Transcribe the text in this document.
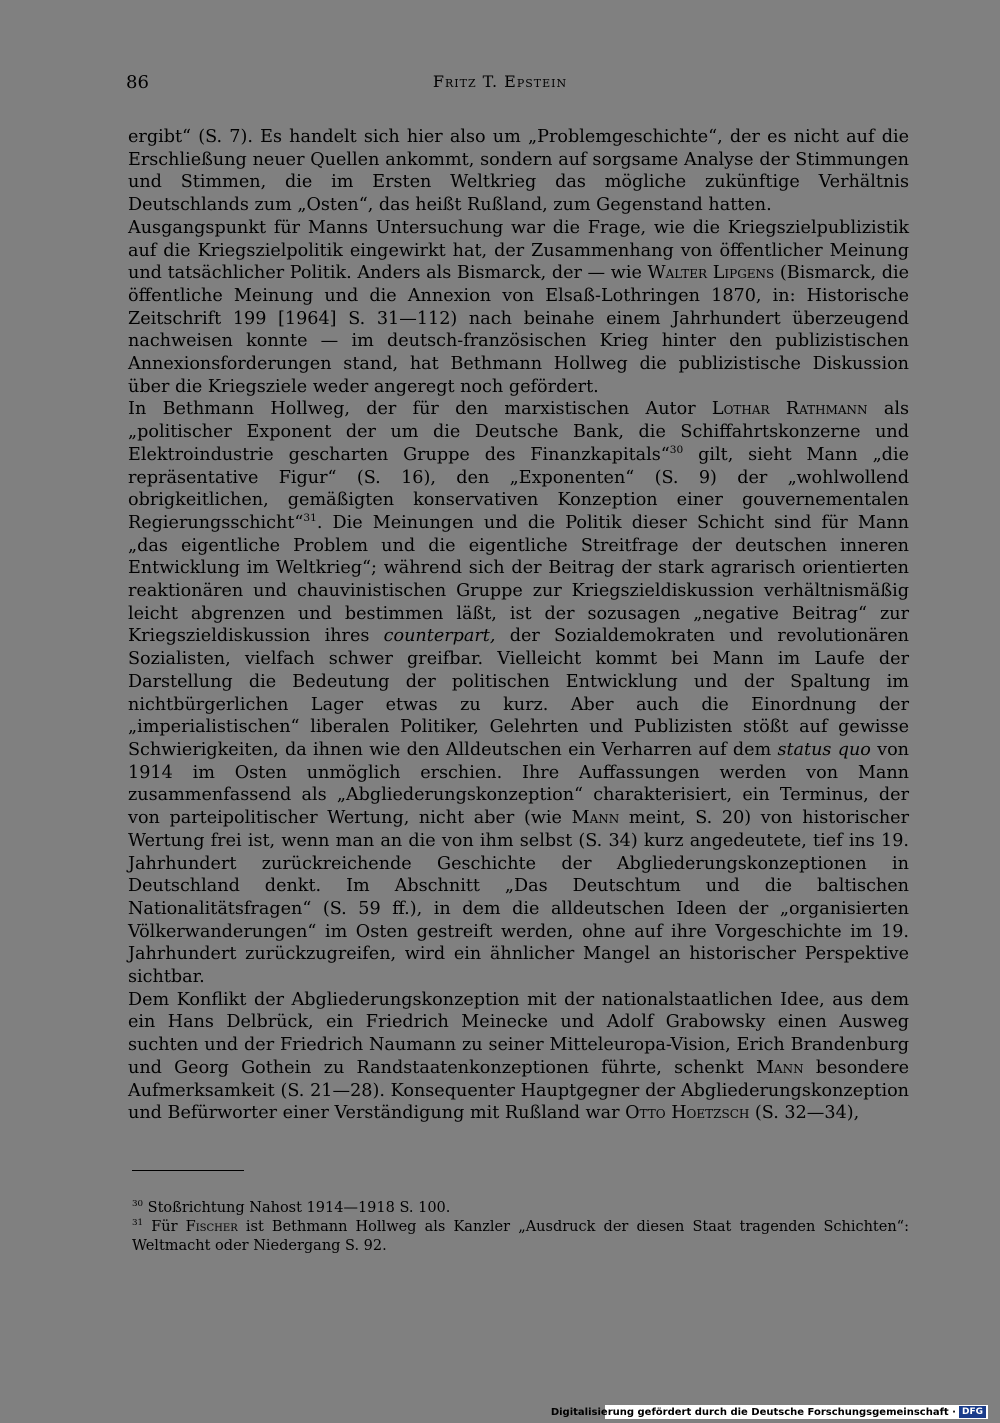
86	Fritz T. Epstein

ergibt“ (S. 7). Es handelt sich hier also um „Problemgeschichte“, der es nicht auf die Erschließung neuer Quellen ankommt, sondern auf sorgsame Analyse der Stimmungen und Stimmen, die im Ersten Weltkrieg das mögliche zukünftige Verhältnis Deutschlands zum „Osten“, das heißt Rußland, zum Gegenstand hatten.

Ausgangspunkt für Manns Untersuchung war die Frage, wie die Kriegszielpublizistik auf die Kriegszielpolitik eingewirkt hat, der Zusammenhang von öffentlicher Meinung und tatsächlicher Politik. Anders als Bismarck, der — wie Walter Lipgens (Bismarck, die öffentliche Meinung und die Annexion von Elsaß-Lothringen 1870, in: Historische Zeitschrift 199 [1964] S. 31—112) nach beinahe einem Jahrhundert überzeugend nachweisen konnte — im deutsch-französischen Krieg hinter den publizistischen Annexionsforderungen stand, hat Bethmann Hollweg die publizistische Diskussion über die Kriegsziele weder angeregt noch gefördert.

In Bethmann Hollweg, der für den marxistischen Autor Lothar Rathmann als „politischer Exponent der um die Deutsche Bank, die Schiffahrtskonzerne und Elektroindustrie gescharten Gruppe des Finanzkapitals“$^{30}$ gilt, sieht Mann „die repräsentative Figur“ (S. 16), den „Exponenten“ (S. 9) der „wohlwollend obrigkeitlichen, gemäßigten konservativen Konzeption einer gouvernementalen Regierungsschicht“$^{31}$. Die Meinungen und die Politik dieser Schicht sind für Mann „das eigentliche Problem und die eigentliche Streitfrage der deutschen inneren Entwicklung im Weltkrieg“; während sich der Beitrag der stark agrarisch orientierten reaktionären und chauvinistischen Gruppe zur Kriegszieldiskussion verhältnismäßig leicht abgrenzen und bestimmen läßt, ist der sozusagen „negative Beitrag“ zur Kriegszieldiskussion ihres counterpart, der Sozialdemokraten und revolutionären Sozialisten, vielfach schwer greifbar. Vielleicht kommt bei Mann im Laufe der Darstellung die Bedeutung der politischen Entwicklung und der Spaltung im nichtbürgerlichen Lager etwas zu kurz. Aber auch die Einordnung der „imperialistischen“ liberalen Politiker, Gelehrten und Publizisten stößt auf gewisse Schwierigkeiten, da ihnen wie den Alldeutschen ein Verharren auf dem status quo von 1914 im Osten unmöglich erschien. Ihre Auffassungen werden von Mann zusammenfassend als „Abgliederungskonzeption“ charakterisiert, ein Terminus, der von parteipolitischer Wertung, nicht aber (wie Mann meint, S. 20) von historischer Wertung frei ist, wenn man an die von ihm selbst (S. 34) kurz angedeutete, tief ins 19. Jahrhundert zurückreichende Geschichte der Abgliederungskonzeptionen in Deutschland denkt. Im Abschnitt „Das Deutschtum und die baltischen Nationalitätsfragen“ (S. 59 ff.), in dem die alldeutschen Ideen der „organisierten Völkerwanderungen“ im Osten gestreift werden, ohne auf ihre Vorgeschichte im 19. Jahrhundert zurückzugreifen, wird ein ähnlicher Mangel an historischer Perspektive sichtbar.

Dem Konflikt der Abgliederungskonzeption mit der nationalstaatlichen Idee, aus dem ein Hans Delbrück, ein Friedrich Meinecke und Adolf Grabowsky einen Ausweg suchten und der Friedrich Naumann zu seiner Mitteleuropa-Vision, Erich Brandenburg und Georg Gothein zu Randstaatenkonzeptionen führte, schenkt Mann besondere Aufmerksamkeit (S. 21—28). Konsequenter Hauptgegner der Abgliederungskonzeption und Befürworter einer Verständigung mit Rußland war Otto Hoetzsch (S. 32—34),

$^{30}$ Stoßrichtung Nahost 1914—1918 S. 100.

$^{31}$ Für Fischer ist Bethmann Hollweg als Kanzler „Ausdruck der diesen Staat tragenden Schichten“: Weltmacht oder Niedergang S. 92.

Digitalisierung gefördert durch die Deutsche Forschungsgemeinschaft · DFG
